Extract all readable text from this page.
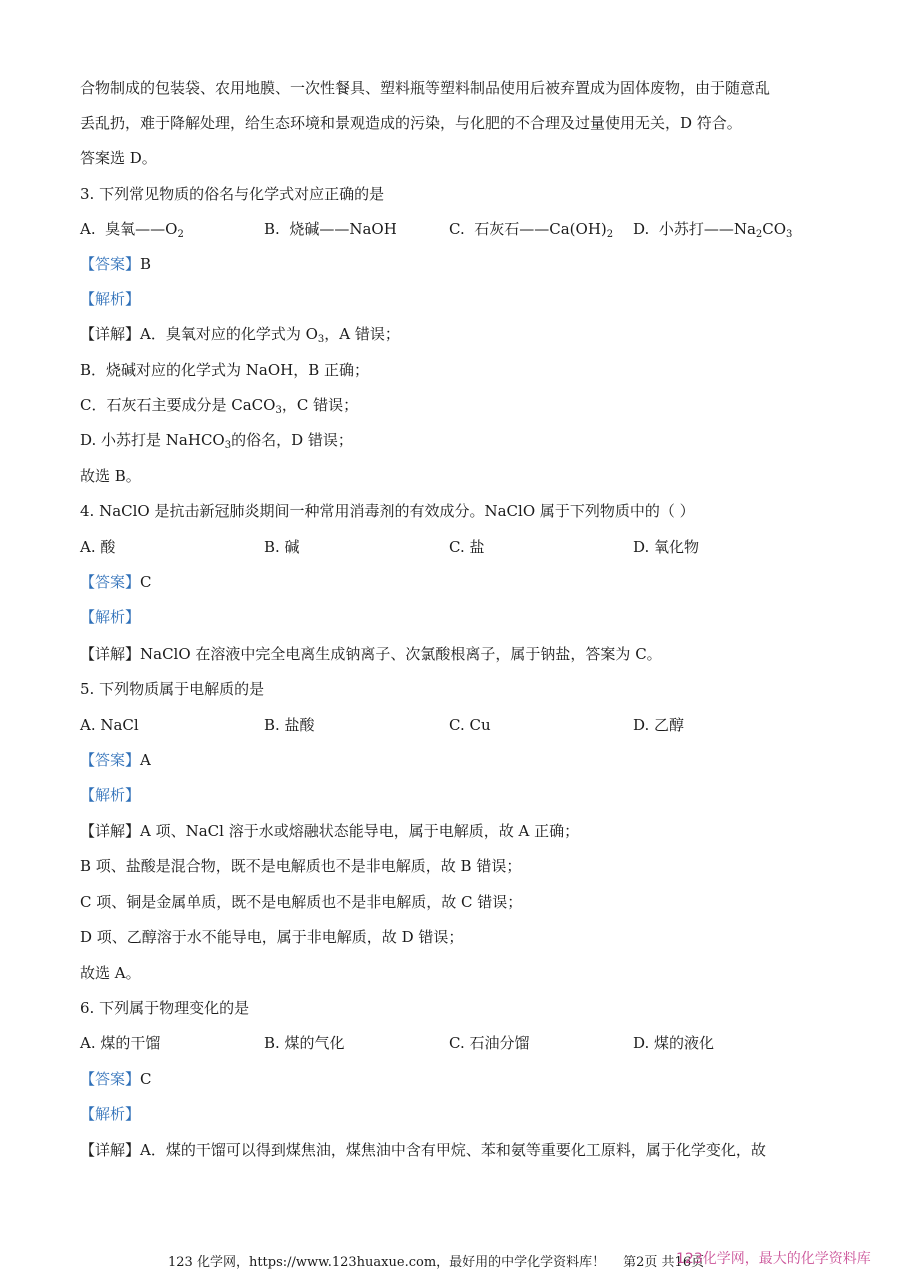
合物制成的包装袋、农用地膜、一次性餐具、塑料瓶等塑料制品使用后被弃置成为固体废物，由于随意乱
丢乱扔，难于降解处理，给生态环境和景观造成的污染，与化肥的不合理及过量使用无关，D 符合。
答案选 D。
3. 下列常见物质的俗名与化学式对应正确的是
A. 臭氧$——O_2$	B. 烧碱——NaOH	C. 石灰石$——Ca(OH)_2$ D. 小苏打$——Na_2CO_3$
【答案】B
【解析】
【详解】A．臭氧对应的化学式为 $O_3$，A 错误；
B．烧碱对应的化学式为 NaOH，B 正确；
C．石灰石主要成分是 CaCO$_3$，C 错误；
D. 小苏打是 NaHCO$_3$的俗名，D 错误；
故选 B。
4. NaClO 是抗击新冠肺炎期间一种常用消毒剂的有效成分。NaClO 属于下列物质中的（ ）
A. 酸	B. 碱	C. 盐	D. 氧化物
【答案】C
【解析】
【详解】NaClO 在溶液中完全电离生成钠离子、次氯酸根离子，属于钠盐，答案为 C。
5. 下列物质属于电解质的是
A. NaCl	B. 盐酸	C. Cu	D. 乙醇
【答案】A
【解析】
【详解】A 项、NaCl 溶于水或熔融状态能导电，属于电解质，故 A 正确；
B 项、盐酸是混合物，既不是电解质也不是非电解质，故 B 错误；
C 项、铜是金属单质，既不是电解质也不是非电解质，故 C 错误；
D 项、乙醇溶于水不能导电，属于非电解质，故 D 错误；
故选 A。
6. 下列属于物理变化的是
A. 煤的干馏	B. 煤的气化	C. 石油分馏	D. 煤的液化
【答案】C
【解析】
【详解】A．煤的干馏可以得到煤焦油，煤焦油中含有甲烷、苯和氨等重要化工原料，属于化学变化，故
123 化学网，https://www.123huaxue.com，最好用的中学化学资料库！ 第2页 共16页
123化学网，最大的化学资料库
